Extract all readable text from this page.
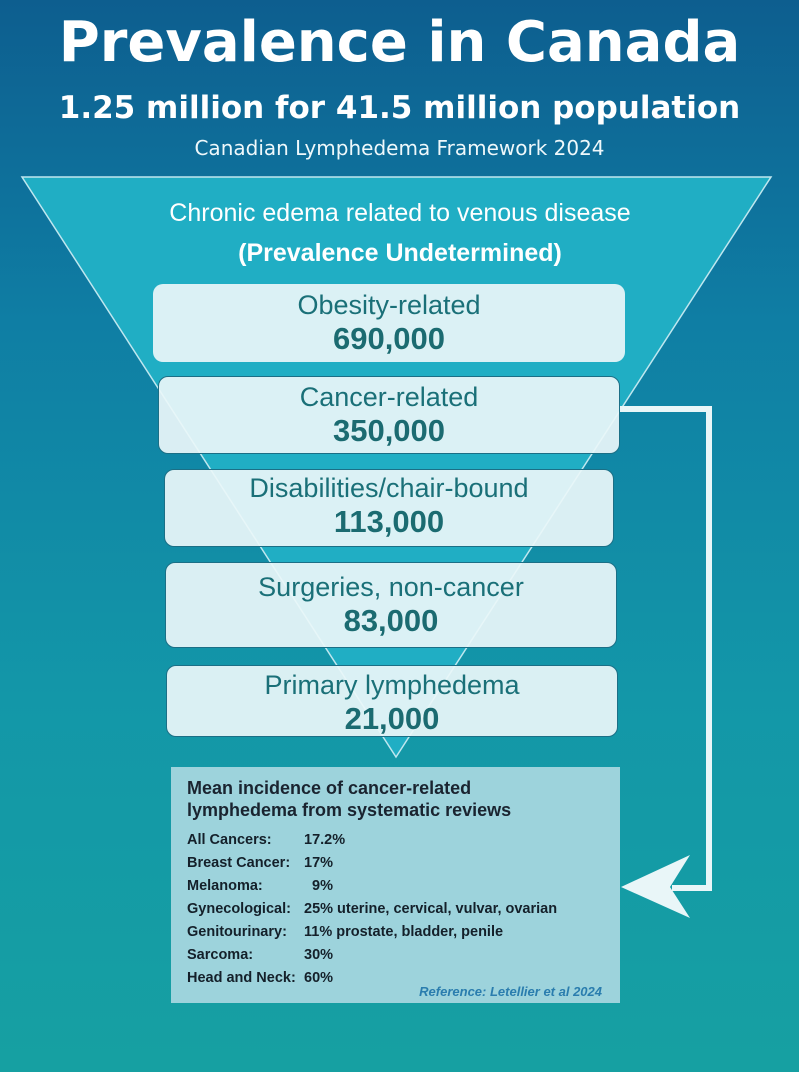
Prevalence in Canada
1.25 million for 41.5 million population
Canadian Lymphedema Framework 2024
Chronic edema related to venous disease
(Prevalence Undetermined)
Obesity-related
690,000
Cancer-related
350,000
Disabilities/chair-bound
113,000
Surgeries, non-cancer
83,000
Primary lymphedema
21,000
Mean incidence of cancer-related
lymphedema from systematic reviews
All Cancers: 17.2%
Breast Cancer: 17%
Melanoma:	9%
Gynecological: 25% uterine, cervical, vulvar, ovarian
Genitourinary: 11% prostate, bladder, penile
Sarcoma:	30%
Head and Neck: 60%
Reference: Letellier et al 2024
